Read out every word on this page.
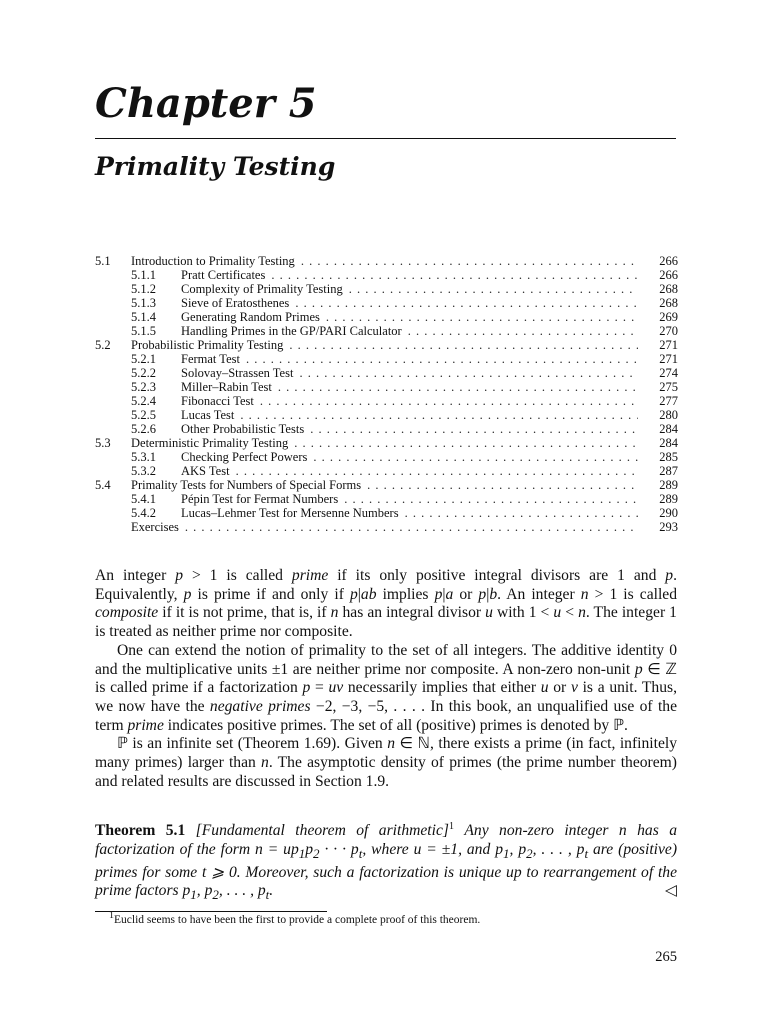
Chapter 5
Primality Testing
5.1	Introduction to Primality Testing . . .	266
5.1.1	Pratt Certificates . . .	266
5.1.2	Complexity of Primality Testing . . .	268
5.1.3	Sieve of Eratosthenes . . .	268
5.1.4	Generating Random Primes . . .	269
5.1.5	Handling Primes in the GP/PARI Calculator . . .	270
5.2	Probabilistic Primality Testing . . .	271
5.2.1	Fermat Test . . .	271
5.2.2	Solovay–Strassen Test . . .	274
5.2.3	Miller–Rabin Test . . .	275
5.2.4	Fibonacci Test . . .	277
5.2.5	Lucas Test . . .	280
5.2.6	Other Probabilistic Tests . . .	284
5.3	Deterministic Primality Testing . . .	284
5.3.1	Checking Perfect Powers . . .	285
5.3.2	AKS Test . . .	287
5.4	Primality Tests for Numbers of Special Forms . . .	289
5.4.1	Pépin Test for Fermat Numbers . . .	289
5.4.2	Lucas–Lehmer Test for Mersenne Numbers . . .	290
Exercises . . .	293

An integer p > 1 is called prime if its only positive integral divisors are 1 and p. Equivalently, p is prime if and only if p|ab implies p|a or p|b. An integer n > 1 is called composite if it is not prime, that is, if n has an integral divisor u with 1 < u < n. The integer 1 is treated as neither prime nor composite.

One can extend the notion of primality to the set of all integers. The additive identity 0 and the multiplicative units ±1 are neither prime nor composite. A non-zero non-unit p ∈ ℤ is called prime if a factorization p = uv necessarily implies that either u or v is a unit. Thus, we now have the negative primes −2, −3, −5, . . . . In this book, an unqualified use of the term prime indicates positive primes. The set of all (positive) primes is denoted by ℙ.

ℙ is an infinite set (Theorem 1.69). Given n ∈ ℕ, there exists a prime (in fact, infinitely many primes) larger than n. The asymptotic density of primes (the prime number theorem) and related results are discussed in Section 1.9.

Theorem 5.1 [Fundamental theorem of arithmetic]$^1$ Any non-zero integer n has a factorization of the form $n = up_1p_2$ · · · $p_t$, where u = ±1, and $p_1$, $p_2$, . . . , $p_t$ are (positive) primes for some t ⩾ 0. Moreover, such a factorization is unique up to rearrangement of the prime factors $p_1$, $p_2$, . . . , $p_t$.	◁
$^1$Euclid seems to have been the first to provide a complete proof of this theorem.
265
